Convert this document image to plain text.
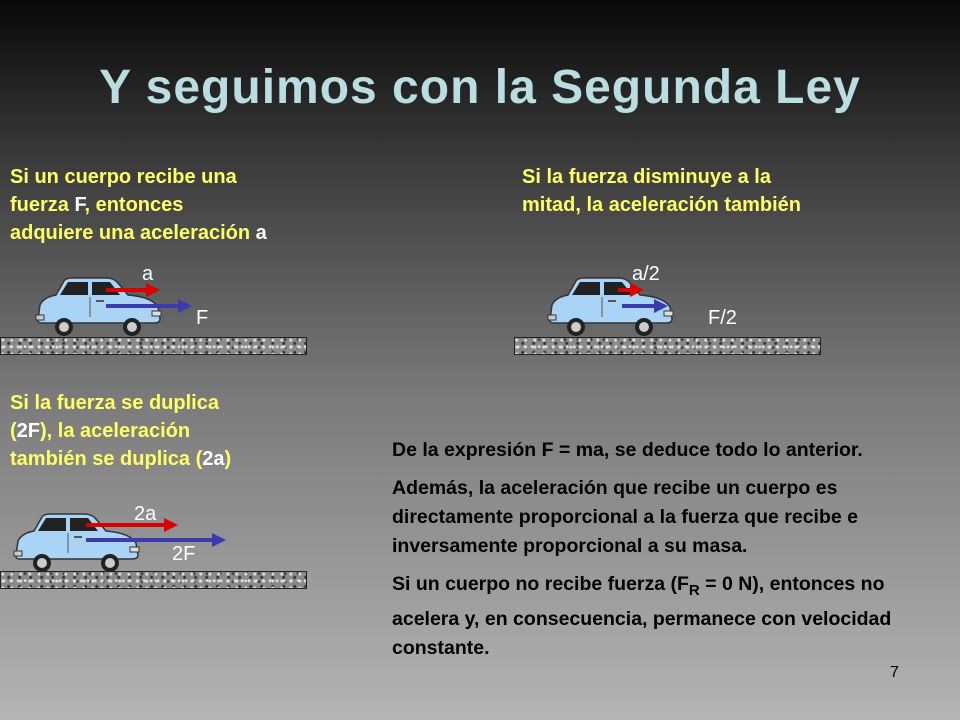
Y seguimos con la Segunda Ley
Si un cuerpo recibe una
fuerza F, entonces
adquiere una aceleración a
Si la fuerza disminuye a la
mitad, la aceleración también
Si la fuerza se duplica
(2F), la aceleración
también se duplica (2a)
a
F
a/2
F/2
2a
2F

De la expresión F = ma, se deduce todo lo anterior.

Además, la aceleración que recibe un cuerpo es directamente proporcional a la fuerza que recibe e inversamente proporcional a su masa.

Si un cuerpo no recibe fuerza ($F_R = 0$ N), entonces no acelera y, en consecuencia, permanece con velocidad constante.

7
